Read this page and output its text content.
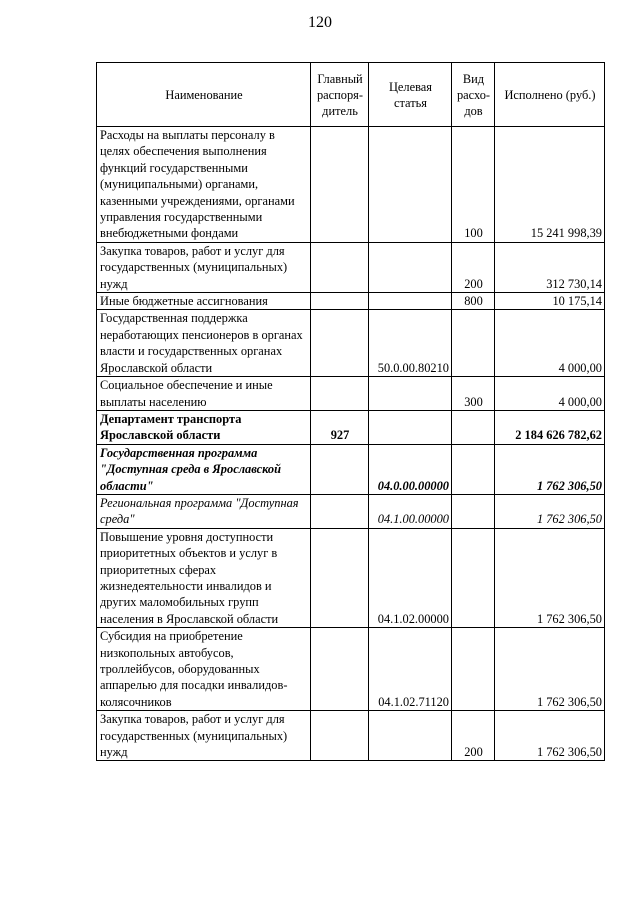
120
Наименование	Главный распоря-дитель	Целевая статья	Вид расхо-дов	Исполнено (руб.)
Расходы на выплаты персоналу в целях обеспечения выполнения функций государственными (муниципальными) органами, казенными учреждениями, органами управления государственными внебюджетными фондами			100	15 241 998,39
Закупка товаров, работ и услуг для государственных (муниципальных) нужд			200	312 730,14
Иные бюджетные ассигнования			800	10 175,14
Государственная поддержка неработающих пенсионеров в органах власти и государственных органах Ярославской области		50.0.00.80210		4 000,00
Социальное обеспечение и иные выплаты населению			300	4 000,00
Департамент транспорта Ярославской области	927			2 184 626 782,62
Государственная программа "Доступная среда в Ярославской области"		04.0.00.00000		1 762 306,50
Региональная программа "Доступная среда"		04.1.00.00000		1 762 306,50
Повышение уровня доступности приоритетных объектов и услуг в приоритетных сферах жизнедеятельности инвалидов и других маломобильных групп населения в Ярославской области		04.1.02.00000		1 762 306,50
Субсидия на приобретение низкопольных автобусов, троллейбусов, оборудованных аппарелью для посадки инвалидов-колясочников		04.1.02.71120		1 762 306,50
Закупка товаров, работ и услуг для государственных (муниципальных) нужд			200	1 762 306,50
